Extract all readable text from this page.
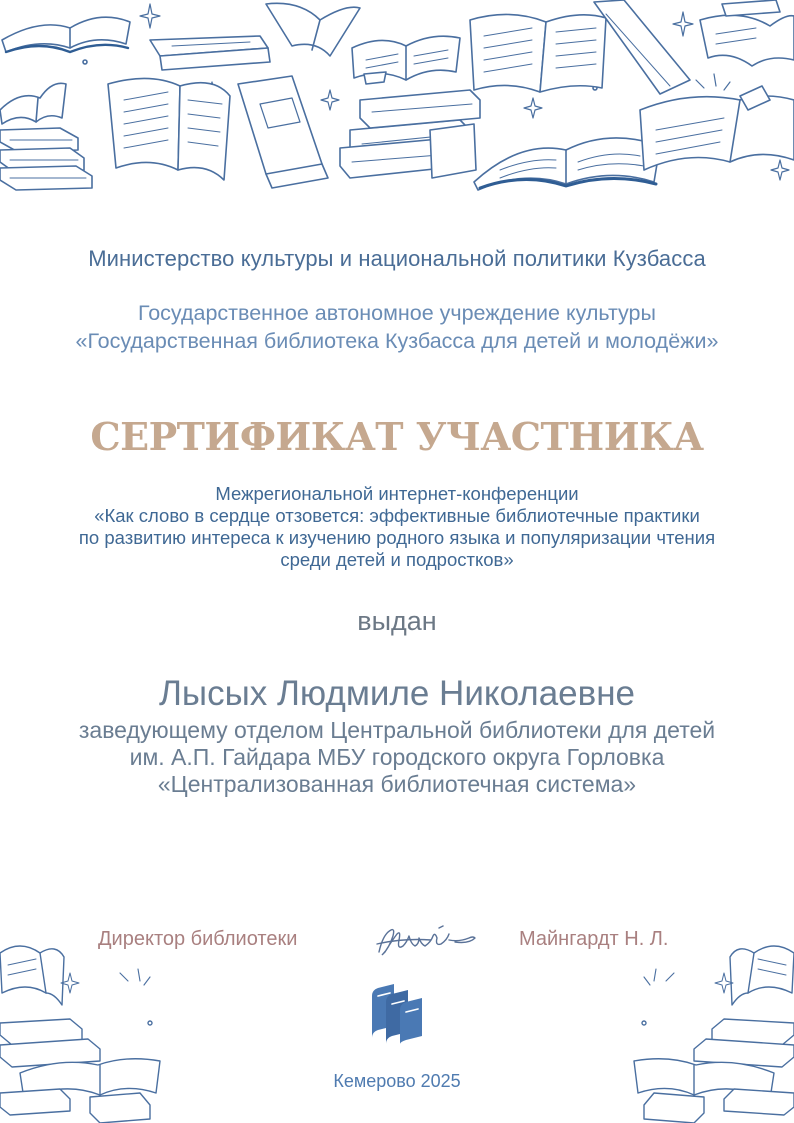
Министерство культуры и национальной политики Кузбасса
Государственное автономное учреждение культуры
«Государственная библиотека Кузбасса для детей и молодёжи»
СЕРТИФИКАТ УЧАСТНИКА
Межрегиональной интернет-конференции
«Как слово в сердце отзовется: эффективные библиотечные практики
по развитию интереса к изучению родного языка и популяризации чтения
среди детей и подростков»
выдан
Лысых Людмиле Николаевне
заведующему отделом Центральной библиотеки для детей
им. А.П. Гайдара МБУ городского округа Горловка
«Централизованная библиотечная система»
Директор библиотеки	Майнгардт Н. Л.
Кемерово 2025
